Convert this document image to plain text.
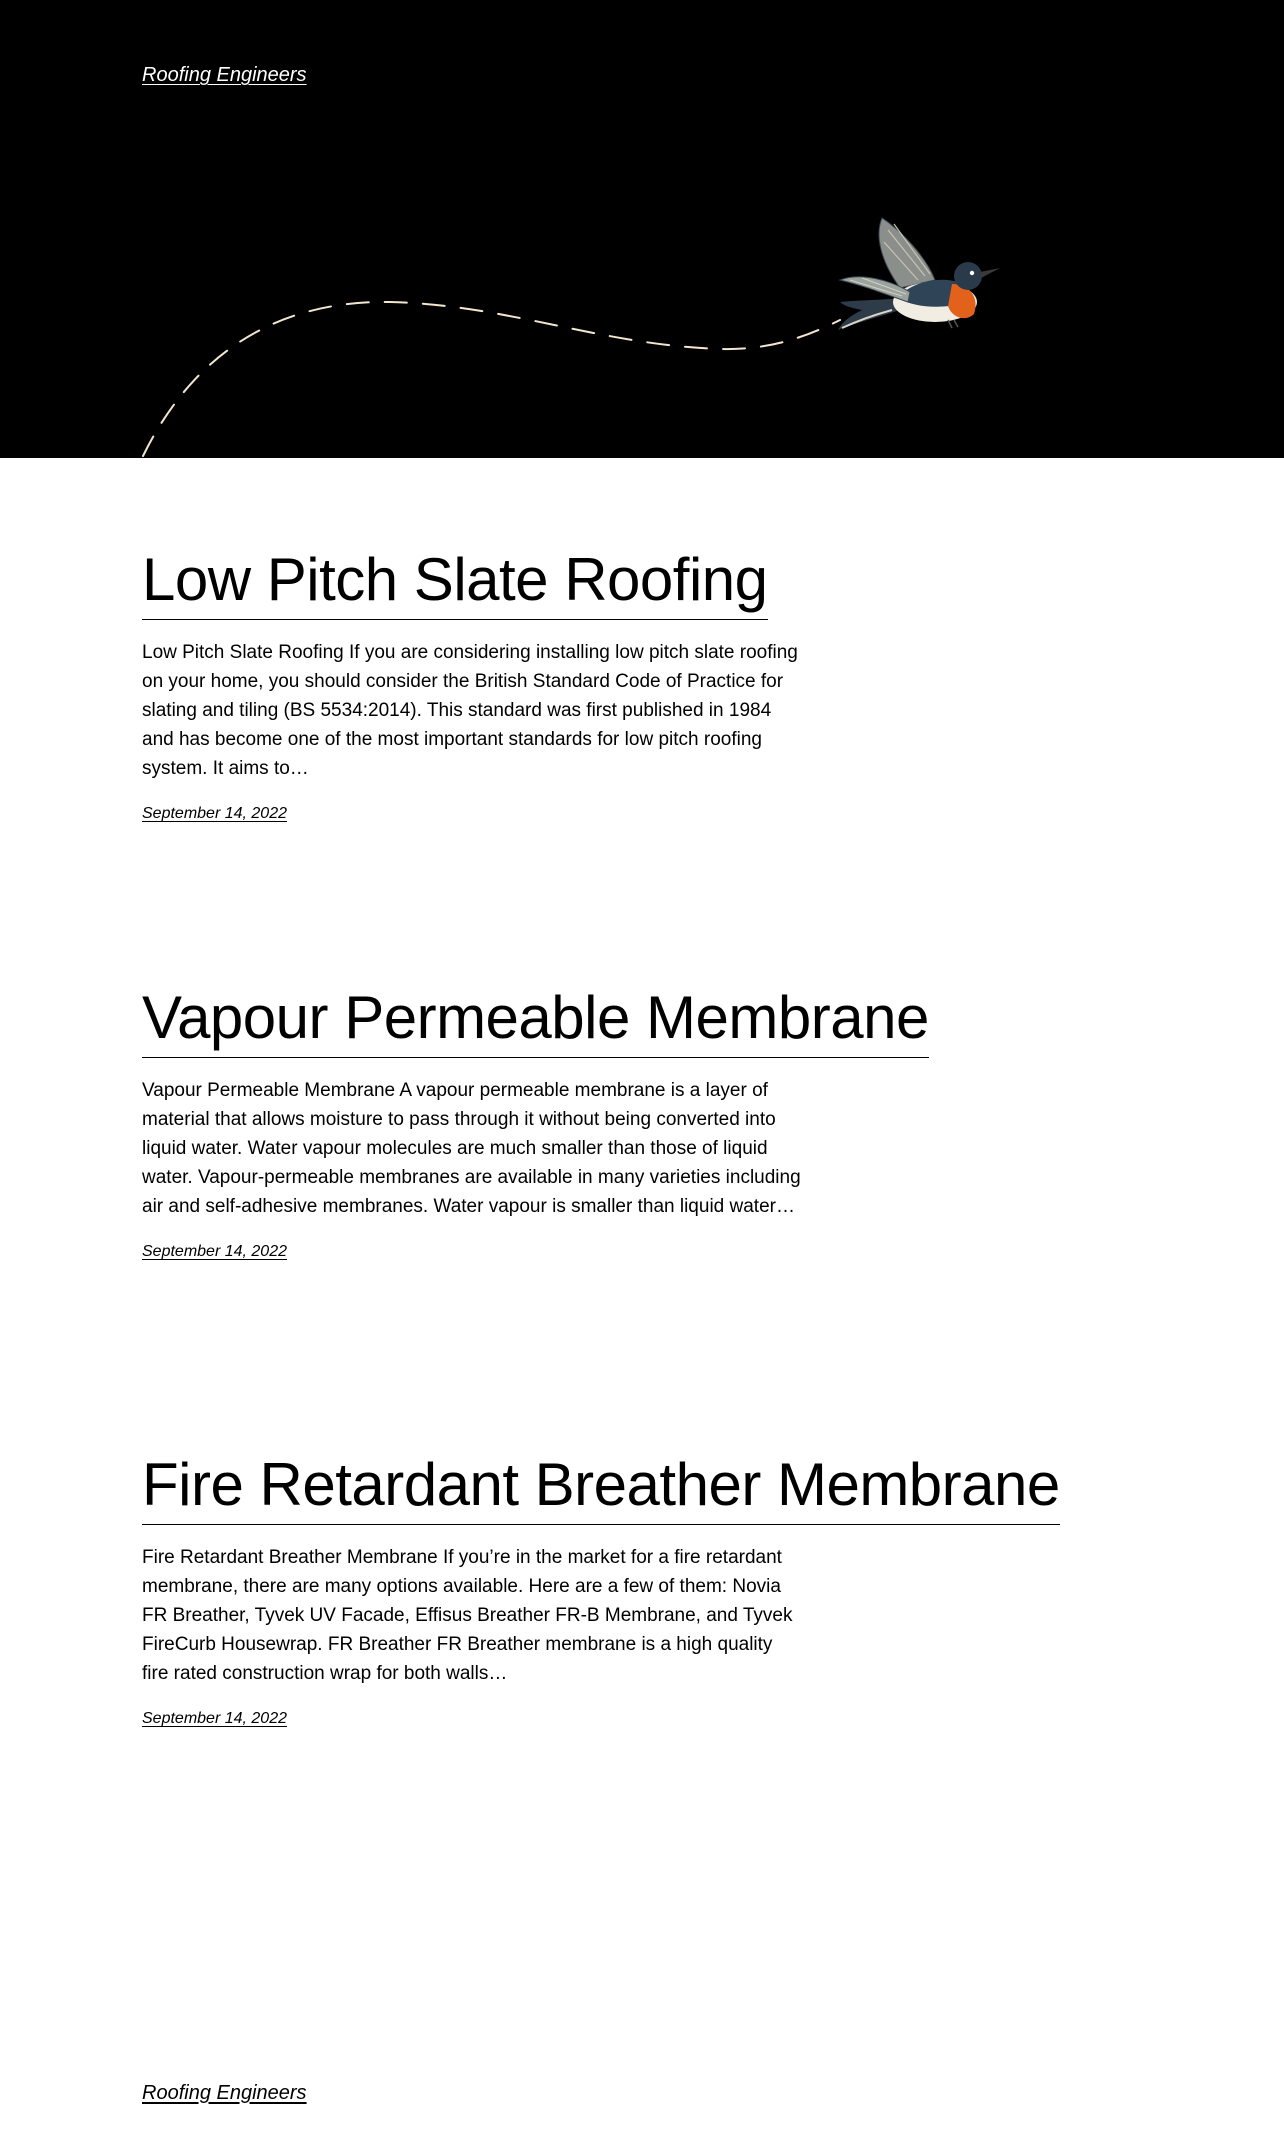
Roofing Engineers
Low Pitch Slate Roofing

Low Pitch Slate Roofing If you are considering installing low pitch slate roofing on your home, you should consider the British Standard Code of Practice for slating and tiling (BS 5534:2014). This standard was first published in 1984 and has become one of the most important standards for low pitch roofing system. It aims to…

September 14, 2022
Vapour Permeable Membrane

Vapour Permeable Membrane A vapour permeable membrane is a layer of material that allows moisture to pass through it without being converted into liquid water. Water vapour molecules are much smaller than those of liquid water. Vapour-permeable membranes are available in many varieties including air and self-adhesive membranes. Water vapour is smaller than liquid water…

September 14, 2022
Fire Retardant Breather Membrane

Fire Retardant Breather Membrane If you’re in the market for a fire retardant membrane, there are many options available. Here are a few of them: Novia FR Breather, Tyvek UV Facade, Effisus Breather FR-B Membrane, and Tyvek FireCurb Housewrap. FR Breather FR Breather membrane is a high quality fire rated construction wrap for both walls…

September 14, 2022
Roofing Engineers
